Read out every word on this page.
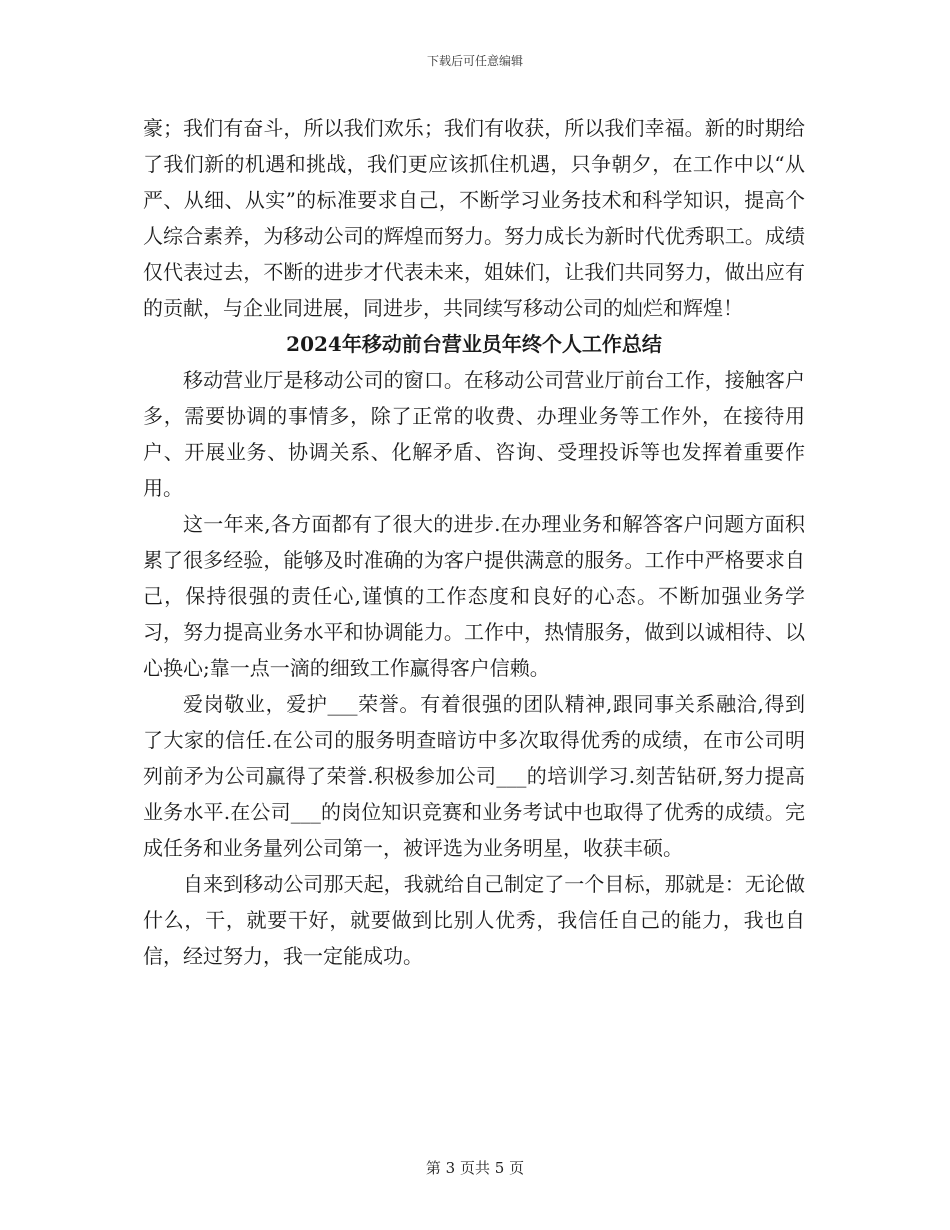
下载后可任意编辑

豪；我们有奋斗，所以我们欢乐；我们有收获，所以我们幸福。新的时期给了我们新的机遇和挑战，我们更应该抓住机遇，只争朝夕，在工作中以“从严、从细、从实”的标准要求自己，不断学习业务技术和科学知识，提高个人综合素养，为移动公司的辉煌而努力。努力成长为新时代优秀职工。成绩仅代表过去，不断的进步才代表未来，姐妹们，让我们共同努力，做出应有的贡献，与企业同进展，同进步，共同续写移动公司的灿烂和辉煌！

2024年移动前台营业员年终个人工作总结

移动营业厅是移动公司的窗口。在移动公司营业厅前台工作，接触客户多，需要协调的事情多，除了正常的收费、办理业务等工作外，在接待用户、开展业务、协调关系、化解矛盾、咨询、受理投诉等也发挥着重要作用。

这一年来,各方面都有了很大的进步.在办理业务和解答客户问题方面积累了很多经验，能够及时准确的为客户提供满意的服务。工作中严格要求自己，保持很强的责任心,谨慎的工作态度和良好的心态。不断加强业务学习，努力提高业务水平和协调能力。工作中，热情服务，做到以诚相待、以心换心;靠一点一滴的细致工作赢得客户信赖。

爱岗敬业，爱护___荣誉。有着很强的团队精神,跟同事关系融洽,得到了大家的信任.在公司的服务明查暗访中多次取得优秀的成绩，在市公司明列前矛为公司赢得了荣誉.积极参加公司___的培训学习.刻苦钻研,努力提高业务水平.在公司___的岗位知识竞赛和业务考试中也取得了优秀的成绩。完成任务和业务量列公司第一，被评选为业务明星，收获丰硕。

自来到移动公司那天起，我就给自己制定了一个目标，那就是：无论做什么，干，就要干好，就要做到比别人优秀，我信任自己的能力，我也自信，经过努力，我一定能成功。

第 3 页共 5 页
